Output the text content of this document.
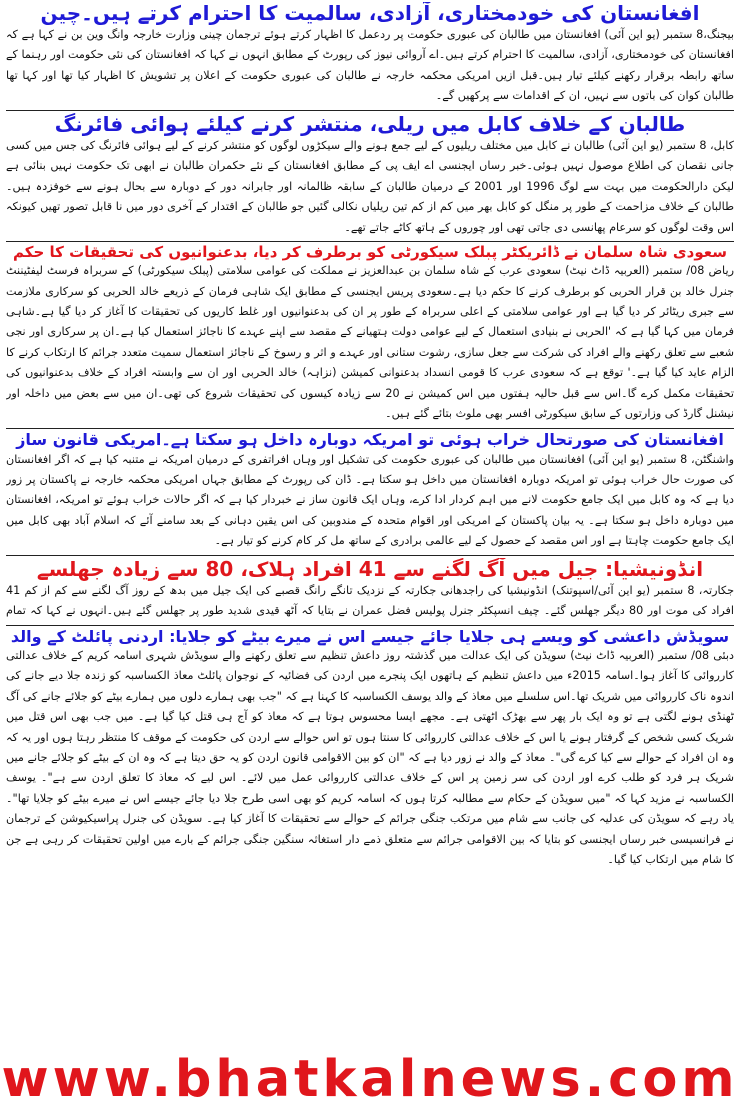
افغانستان کی خودمختاری، آزادی، سالمیت کا احترام کرتے ہیں۔چین

بیجنگ،8 ستمبر (یو این آئی) افغانستان میں طالبان کی عبوری حکومت پر ردعمل کا اظہار کرتے ہوئے ترجمان چینی وزارت خارجہ وانگ وین بن نے کہا ہے کہ افغانستان کی خودمختاری، آزادی، سالمیت کا احترام کرتے ہیں۔اے آروائی نیوز کی رپورٹ کے مطابق انہوں نے کہا کہ افغانستان کی نئی حکومت اور رہنما کے ساتھ رابطہ برقرار رکھنے کیلئے تیار ہیں۔قبل ازیں امریکی محکمہ خارجہ نے طالبان کی عبوری حکومت کے اعلان پر تشویش کا اظہار کیا تھا اور کہا تھا طالبان کوان کی باتوں سے نہیں، ان کے اقدامات سے پرکھیں گے۔

طالبان کے خلاف کابل میں ریلی، منتشر کرنے کیلئے ہوائی فائرنگ

کابل، 8 ستمبر (یو این آئی) طالبان نے کابل میں مختلف ریلیوں کے لیے جمع ہونے والے سیکڑوں لوگوں کو منتشر کرنے کے لیے ہوائی فائرنگ کی جس میں کسی جانی نقصان کی اطلاع موصول نہیں ہوئی۔خبر رساں ایجنسی اے ایف پی کے مطابق افغانستان کے نئے حکمران طالبان نے ابھی تک حکومت نہیں بنائی ہے لیکن دارالحکومت میں بہت سے لوگ 1996 اور 2001 کے درمیان طالبان کے سابقہ ظالمانہ اور جابرانہ دور کے دوبارہ سے بحال ہونے سے خوفزدہ ہیں۔طالبان کے خلاف مزاحمت کے طور پر منگل کو کابل بھر میں کم از کم تین ریلیاں نکالی گئیں جو طالبان کے اقتدار کے آخری دور میں نا قابل تصور تھیں کیونکہ اس وقت لوگوں کو سرعام پھانسی دی جاتی تھی اور چوروں کے ہاتھ کاٹے جاتے تھے۔

سعودی شاہ سلمان نے ڈائریکٹر پبلک سیکورٹی کو برطرف کر دیا، بدعنوانیوں کی تحقیقات کا حکم

ریاض 08/ ستمبر (العربیہ ڈاٹ نیٹ) سعودی عرب کے شاہ سلمان بن عبدالعزیز نے مملکت کی عوامی سلامتی (پبلک سیکورٹی) کے سربراہ فرسٹ لیفٹیننٹ جنرل خالد بن قرار الحربی کو برطرف کرنے کا حکم دیا ہے۔سعودی پریس ایجنسی کے مطابق ایک شاہی فرمان کے ذریعے خالد الحربی کو سرکاری ملازمت سے جبری ریٹائر کر دیا گیا ہے اور عوامی سلامتی کے اعلی سربراہ کے طور پر ان کی بدعنوانیوں اور غلط کاریوں کی تحقیقات کا آغاز کر دیا گیا ہے۔شاہی فرمان میں کہا گیا ہے کہ 'الحربی نے بنیادی استعمال کے لیے عوامی دولت ہتھیانے کے مقصد سے اپنے عہدے کا ناجائز استعمال کیا ہے۔ان پر سرکاری اور نجی شعبے سے تعلق رکھنے والے افراد کی شرکت سے جعل سازی، رشوت ستانی اور عہدے و اثر و رسوخ کے ناجائز استعمال سمیت متعدد جرائم کا ارتکاب کرنے کا الزام عاید کیا گیا ہے۔' توقع ہے کہ سعودی عرب کا قومی انسداد بدعنوانی کمیشن (نزاہہ) خالد الحربی اور ان سے وابستہ افراد کے خلاف بدعنوانیوں کی تحقیقات مکمل کرے گا۔اس سے قبل حالیہ ہفتوں میں اس کمیشن نے 20 سے زیادہ کیسوں کی تحقیقات شروع کی تھی۔ان میں سے بعض میں داخلہ اور نیشنل گارڈ کی وزارتوں کے سابق سیکورٹی افسر بھی ملوث بتائے گئے ہیں۔

افغانستان کی صورتحال خراب ہوئی تو امریکہ دوبارہ داخل ہو سکتا ہے۔امریکی قانون ساز

واشنگٹن، 8 ستمبر (یو این آئی) افغانستان میں طالبان کی عبوری حکومت کی تشکیل اور وہاں افراتفری کے درمیان امریکہ نے متنبہ کیا ہے کہ اگر افغانستان کی صورت حال خراب ہوئی تو امریکہ دوبارہ افغانستان میں داخل ہو سکتا ہے۔ ڈان کی رپورٹ کے مطابق جہاں امریکی محکمہ خارجہ نے پاکستان پر زور دیا ہے کہ وہ کابل میں ایک جامع حکومت لانے میں اہم کردار ادا کرے، وہاں ایک قانون ساز نے خبردار کیا ہے کہ اگر حالات خراب ہوئے تو امریکہ، افغانستان میں دوبارہ داخل ہو سکتا ہے۔ یہ بیان پاکستان کے امریکی اور اقوام متحدہ کے مندوبین کی اس یقین دہانی کے بعد سامنے آئے کہ اسلام آباد بھی کابل میں ایک جامع حکومت چاہتا ہے اور اس مقصد کے حصول کے لیے عالمی برادری کے ساتھ مل کر کام کرنے کو تیار ہے۔

انڈونیشیا: جیل میں آگ لگنے سے 41 افراد ہلاک، 80 سے زیادہ جھلسے

جکارتہ، 8 ستمبر (یو این آئی/اسپوتنک) انڈونیشیا کی راجدھانی جکارتہ کے نزدیک تانگے رانگ قصبے کی ایک جیل میں بدھ کے روز آگ لگنے سے کم از کم 41 افراد کی موت اور 80 دیگر جھلس گئے۔ چیف انسپکٹر جنرل پولیس فضل عمران نے بتایا کہ آٹھ قیدی شدید طور پر جھلس گئے ہیں۔انہوں نے کہا کہ تمام

سویڈش داعشی کو ویسے ہی جلایا جائے جیسے اس نے میرے بیٹے کو جلایا: اردنی پائلٹ کے والد

دبئی 08/ ستمبر (العربیہ ڈاٹ نیٹ) سویڈن کی ایک عدالت میں گذشتہ روز داعش تنظیم سے تعلق رکھنے والے سویڈش شہری اسامہ کریم کے خلاف عدالتی کارروائی کا آغاز ہوا۔اسامہ 2015ء میں داعش تنظیم کے ہاتھوں ایک پنجرے میں اردن کی فضائیہ کے نوجوان پائلٹ معاذ الکساسبہ کو زندہ جلا دیے جانے کی اندوہ ناک کارروائی میں شریک تھا۔اس سلسلے میں معاذ کے والد یوسف الکساسبہ کا کہنا ہے کہ "جب بھی ہمارے دلوں میں ہمارے بیٹے کو جلائے جانے کی آگ ٹھنڈی ہونے لگتی ہے تو وہ ایک بار پھر سے بھڑک اٹھتی ہے۔ مجھے ایسا محسوس ہوتا ہے کہ معاذ کو آج ہی قتل کیا گیا ہے۔ میں جب بھی اس قتل میں شریک کسی شخص کے گرفتار ہونے یا اس کے خلاف عدالتی کارروائی کا سنتا ہوں تو اس حوالے سے اردن کی حکومت کے موقف کا منتظر رہتا ہوں اور یہ کہ وہ ان افراد کے حوالے سے کیا کرے گی"۔ معاذ کے والد نے زور دیا ہے کہ "ان کو بین الاقوامی قانون اردن کو یہ حق دیتا ہے کہ وہ ان کے بیٹے کو جلائے جانے میں شریک ہر فرد کو طلب کرے اور اردن کی سر زمین پر اس کے خلاف عدالتی کارروائی عمل میں لائے۔ اس لیے کہ معاذ کا تعلق اردن سے ہے"۔ یوسف الکساسبہ نے مزید کہا کہ "میں سویڈن کے حکام سے مطالبہ کرتا ہوں کہ اسامہ کریم کو بھی اسی طرح جلا دیا جائے جیسے اس نے میرے بیٹے کو جلایا تھا"۔ یاد رہے کہ سویڈن کی عدلیہ کی جانب سے شام میں مرتکب جنگی جرائم کے حوالے سے تحقیقات کا آغاز کیا ہے۔ سویڈن کی جنرل پراسیکیوشن کے ترجمان نے فرانسیسی خبر رساں ایجنسی کو بتایا کہ بین الاقوامی جرائم سے متعلق ذمے دار استغاثہ سنگین جنگی جرائم کے بارے میں اولین تحقیقات کر رہی ہے جن کا شام میں ارتکاب کیا گیا۔

www.bhatkalnews.com
